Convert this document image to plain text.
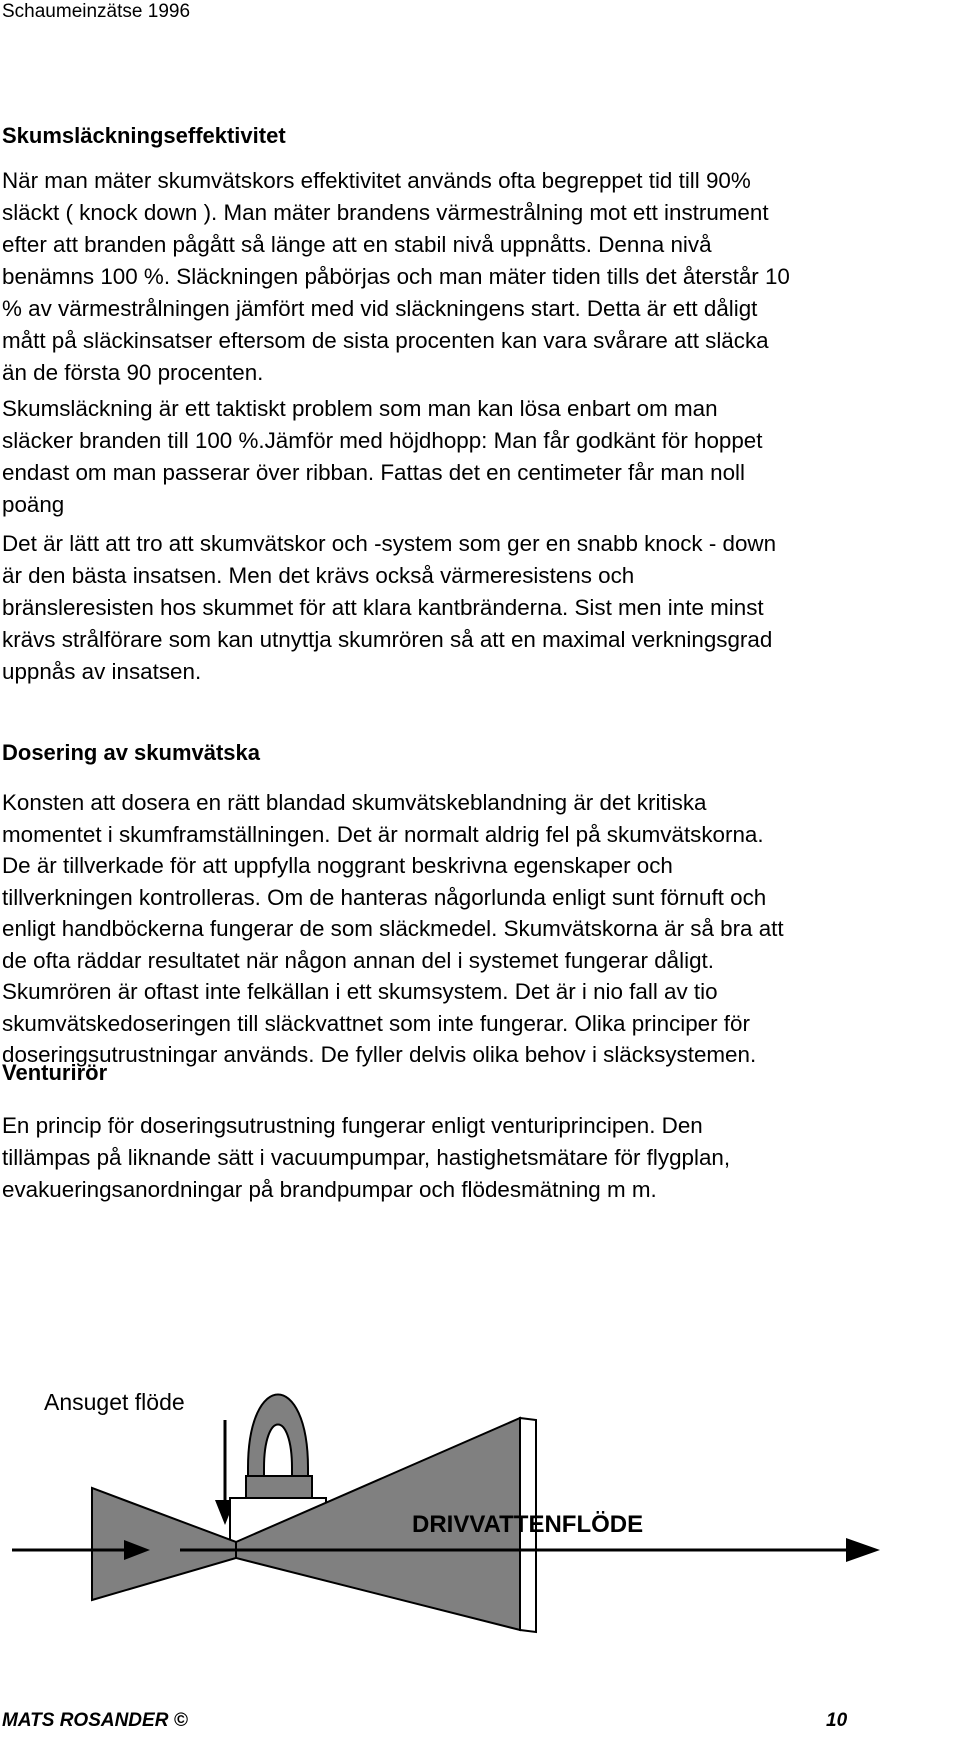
Schaumeinzätse 1996
Skumsläckningseffektivitet

När man mäter skumvätskors effektivitet används ofta begreppet tid till 90%
släckt ( knock down ). Man mäter brandens värmestrålning mot ett instrument
efter att branden pågått så länge att en stabil nivå uppnåtts. Denna nivå
benämns 100 %. Släckningen påbörjas och man mäter tiden tills det återstår 10
% av värmestrålningen jämfört med vid släckningens start. Detta är ett dåligt
mått på släckinsatser eftersom de sista procenten kan vara svårare att släcka
än de första 90 procenten.

Skumsläckning är ett taktiskt problem som man kan lösa enbart om man
släcker branden till 100 %.Jämför med höjdhopp: Man får godkänt för hoppet
endast om man passerar över ribban. Fattas det en centimeter får man noll
poäng

Det är lätt att tro att skumvätskor och -system som ger en snabb knock - down
är den bästa insatsen. Men det krävs också värmeresistens och
bränsleresisten hos skummet för att klara kantbränderna. Sist men inte minst
krävs strålförare som kan utnyttja skumrören så att en maximal verkningsgrad
uppnås av insatsen.

Dosering av skumvätska

Konsten att dosera en rätt blandad skumvätskeblandning är det kritiska
momentet i skumframställningen. Det är normalt aldrig fel på skumvätskorna.
De är tillverkade för att uppfylla noggrant beskrivna egenskaper och
tillverkningen kontrolleras. Om de hanteras någorlunda enligt sunt förnuft och
enligt handböckerna fungerar de som släckmedel. Skumvätskorna är så bra att
de ofta räddar resultatet när någon annan del i systemet fungerar dåligt.
Skumrören är oftast inte felkällan i ett skumsystem. Det är i nio fall av tio
skumvätskedoseringen till släckvattnet som inte fungerar. Olika principer för
doseringsutrustningar används. De fyller delvis olika behov i släcksystemen.

Venturirör

En princip för doseringsutrustning fungerar enligt venturiprincipen. Den
tillämpas på liknande sätt i vacuumpumpar, hastighetsmätare för flygplan,
evakueringsanordningar på brandpumpar och flödesmätning m m.

Ansuget flöde
DRIVVATTENFLÖDE
MATS ROSANDER ©	10
